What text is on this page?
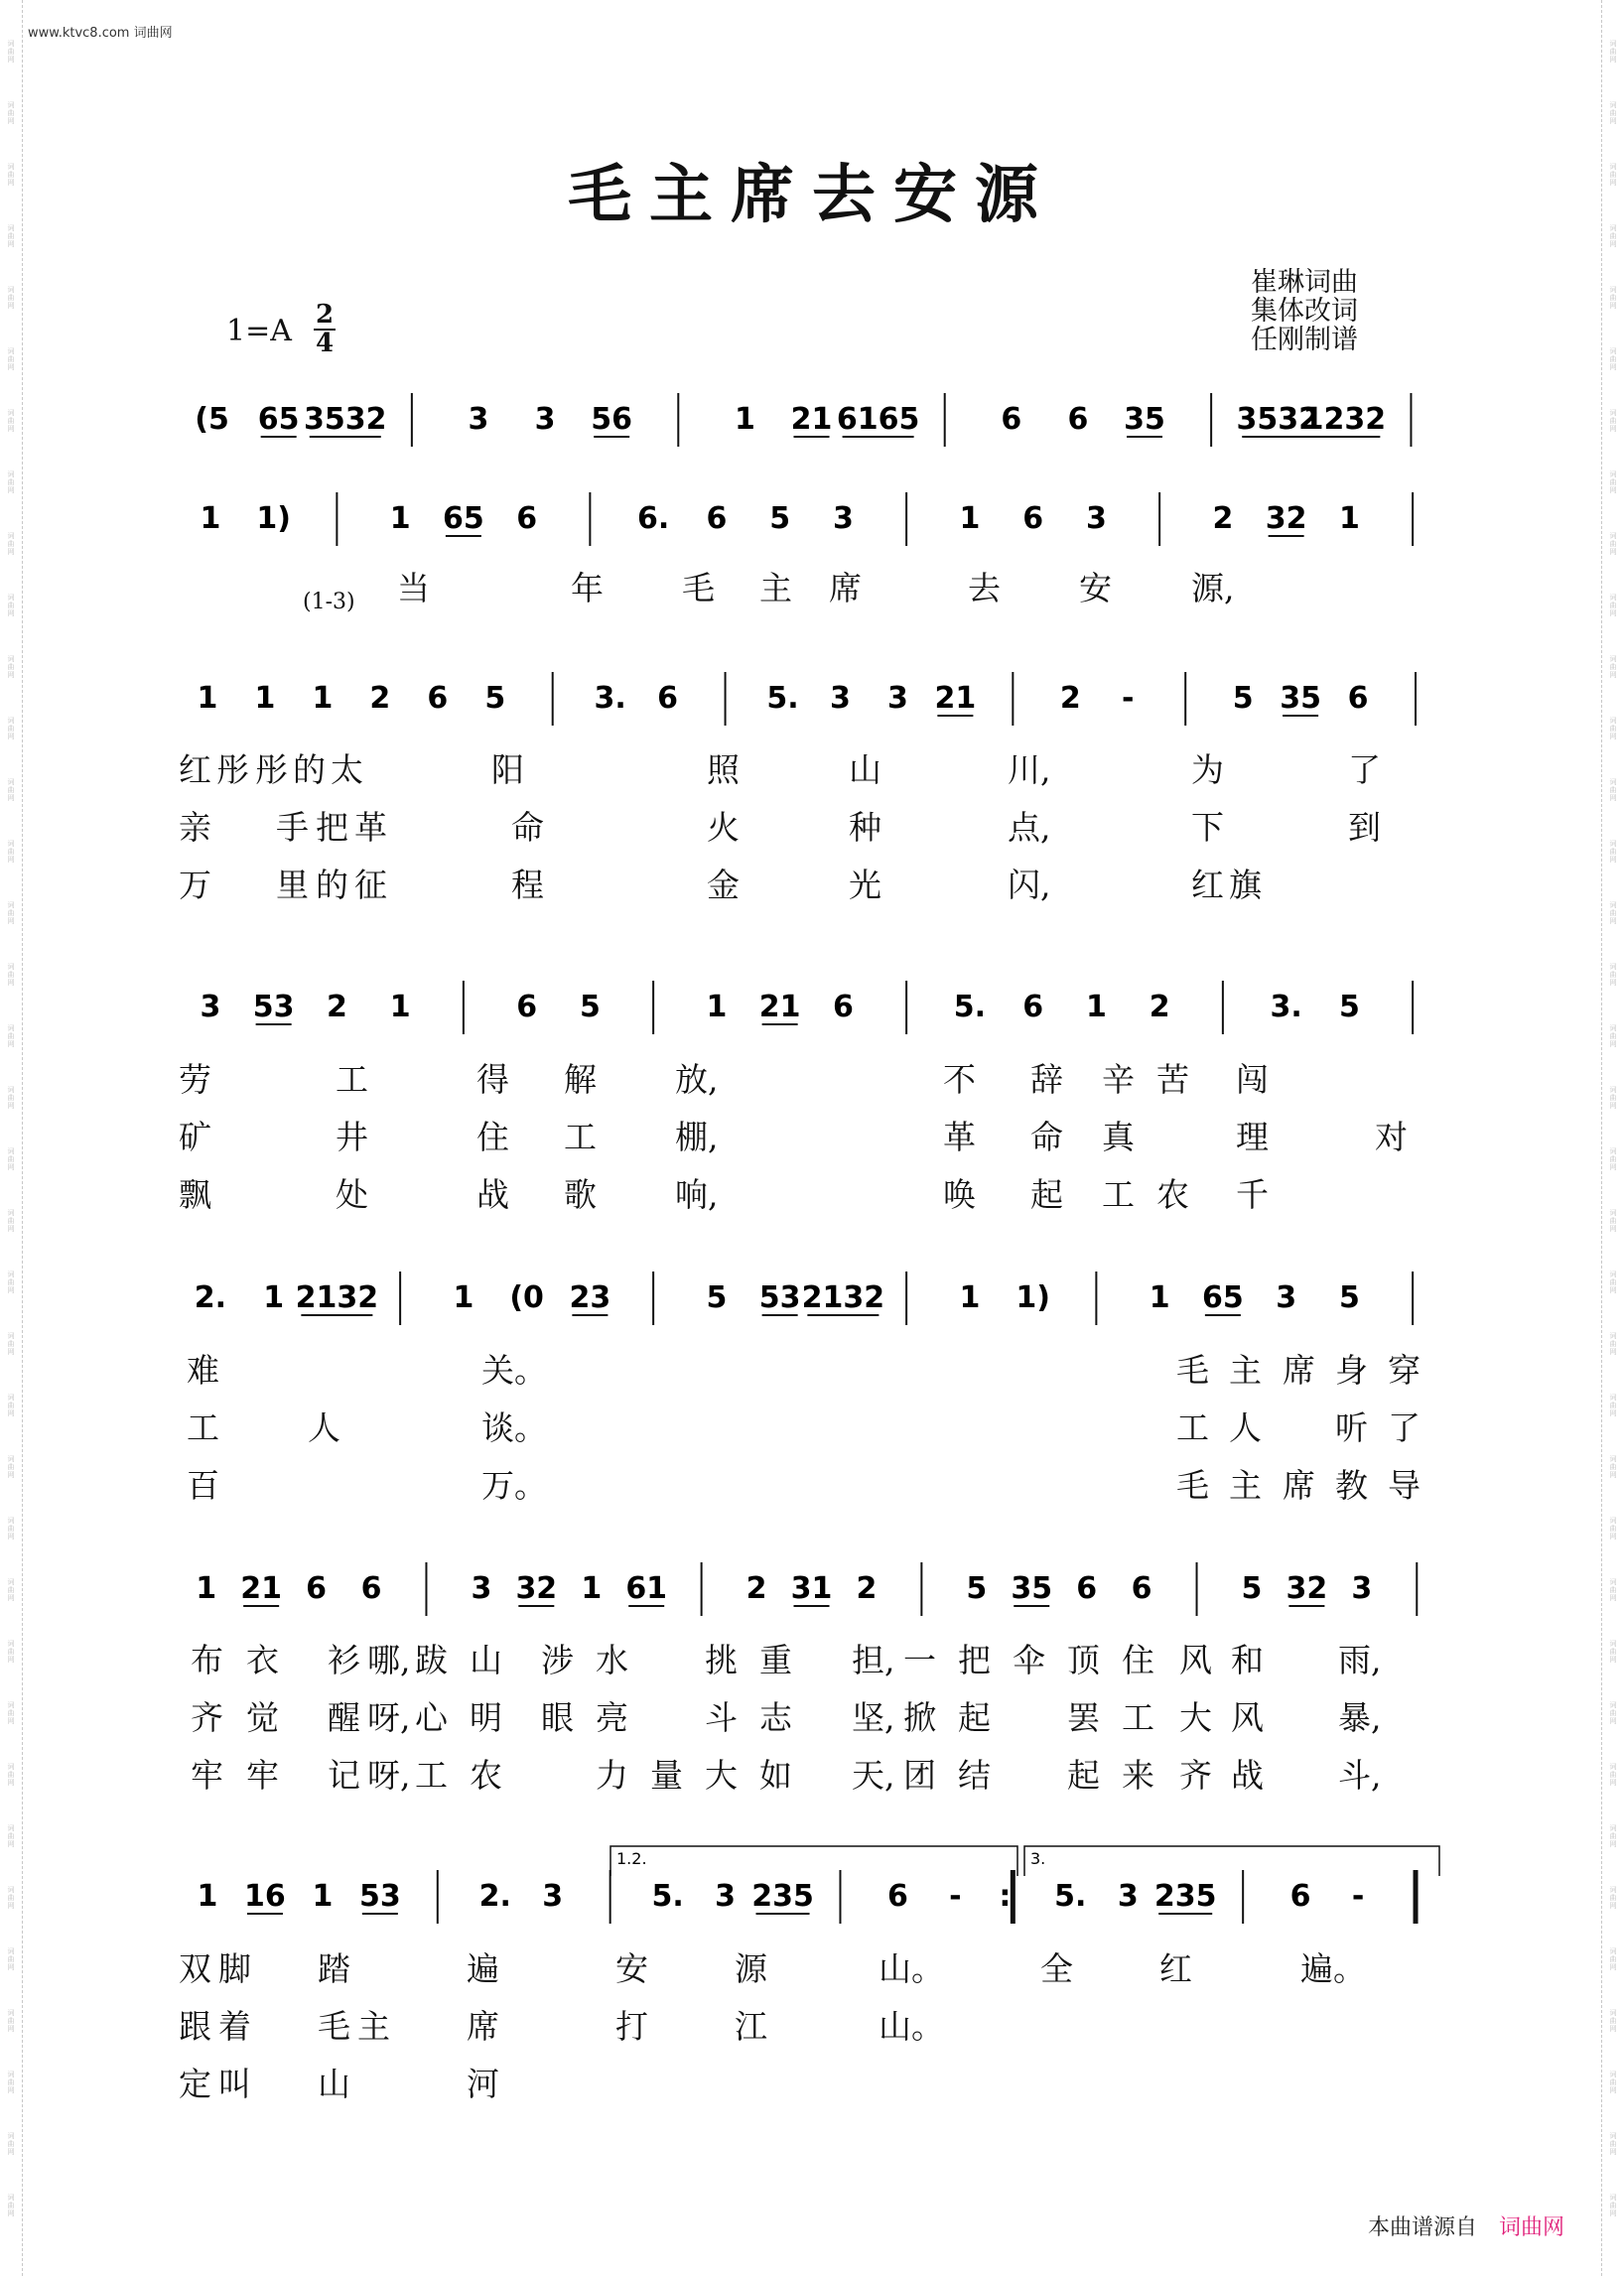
词
曲
网
词
曲
网
词
曲
网
词
曲
网
词
曲
网
词
曲
网
词
曲
网
词
曲
网
词
曲
网
词
曲
网
词
曲
网
词
曲
网
词
曲
网
词
曲
网
词
曲
网
词
曲
网
词
曲
网
词
曲
网
词
曲
网
词
曲
网
词
曲
网
词
曲
网
词
曲
网
词
曲
网
词
曲
网
词
曲
网
词
曲
网
词
曲
网
词
曲
网
词
曲
网
词
曲
网
词
曲
网
词
曲
网
词
曲
网
词
曲
网
词
曲
网
词
曲
网
词
曲
网
词
曲
网
词
曲
网
词
曲
网
词
曲
网
词
曲
网
词
曲
网
词
曲
网
词
曲
网
词
曲
网
词
曲
网
词
曲
网
词
曲
网
词
曲
网
词
曲
网
词
曲
网
词
曲
网
词
曲
网
词
曲
网
词
曲
网
词
曲
网
词
曲
网
词
曲
网
词
曲
网
词
曲
网
词
曲
网
词
曲
网
词
曲
网
词
曲
网
词
曲
网
词
曲
网
词
曲
网
词
曲
网
词
曲
网
词
曲
网
www.ktvc8.com 词曲网
毛主席去安源
崔琳词曲
集体改词
任刚制谱
1=A 2
4
(5 65 3532	3 3 56	1 21 6165	6 6 35 3532
1232
1 1)	1 65 6	6. 6 5 3	1 6 3	2 32 1
1 1 1 2 6 5	3. 6	5. 3 3 21	2 -	5 35 6
3 53 2 1	6 5	1 21 6	5. 6 1 2	3. 5
2. 1 2132	1 (0 23	5 53 2132	1 1)	1 65 3 5
1 21 6 6	3 32 1 61	2 31 2	5 35 6 6	5 32 3
1 16 1 53	2. 3	5. 3 235 6 - : 5. 3 235 6 -
1.2.	3.
(1-3) 当	年 毛 主 席	去 安 源,
红 彤 彤 的 太	阳	照	山	川,	为	了
亲 手 把 革	命	火	种	点,	下	到
万 里 的 征	程	金	光	闪,	红 旗
劳	工	得 解 放,	不 辞 辛 苦 闯
矿	井	住 工 棚,	革 命 真	理	对
飘	处	战 歌 响,	唤 起 工 农 千
难	关。	毛 主 席 身 穿
工	人	谈。	工 人 听 了
百	万。	毛 主 席 教 导
布 衣 衫 哪, 跋 山 涉 水 挑 重 担, 一 把 伞 顶 住 风 和 雨,
齐 觉 醒 呀, 心 明 眼 亮 斗 志 坚, 掀 起 罢 工 大 风 暴,
牢 牢 记 呀, 工 农	力 量 大 如 天, 团 结 起 来 齐 战 斗,
双 脚 踏	遍	安	源	山。	全	红	遍。
跟 着 毛 主 席	打	江	山。
定 叫 山	河
本曲谱源自 词曲网
